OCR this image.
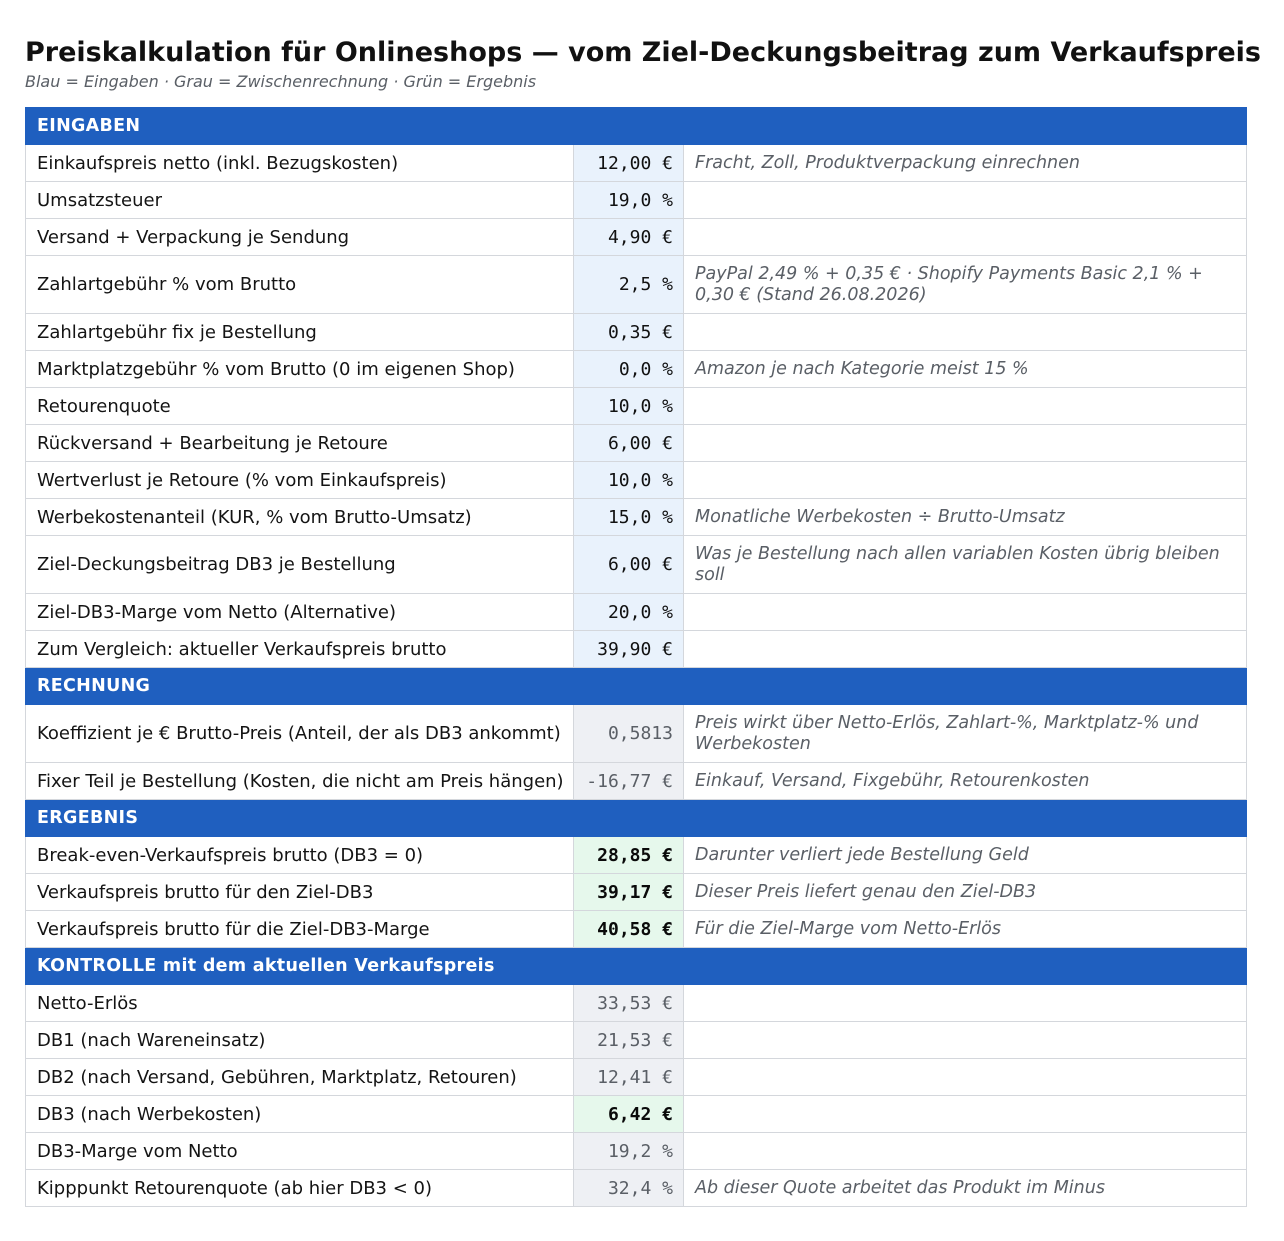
Preiskalkulation für Onlineshops — vom Ziel-Deckungsbeitrag zum Verkaufspreis
Blau = Eingaben · Grau = Zwischenrechnung · Grün = Ergebnis
EINGABEN		
Einkaufspreis netto (inkl. Bezugskosten)	12,00 €	Fracht, Zoll, Produktverpackung einrechnen
Umsatzsteuer	19,0 %	
Versand + Verpackung je Sendung	4,90 €	
Zahlartgebühr % vom Brutto	2,5 %	PayPal 2,49 % + 0,35 € · Shopify Payments Basic 2,1 % + 0,30 € (Stand 26.08.2026)
Zahlartgebühr fix je Bestellung	0,35 €	
Marktplatzgebühr % vom Brutto (0 im eigenen Shop)	0,0 %	Amazon je nach Kategorie meist 15 %
Retourenquote	10,0 %	
Rückversand + Bearbeitung je Retoure	6,00 €	
Wertverlust je Retoure (% vom Einkaufspreis)	10,0 %	
Werbekostenanteil (KUR, % vom Brutto-Umsatz)	15,0 %	Monatliche Werbekosten ÷ Brutto-Umsatz
Ziel-Deckungsbeitrag DB3 je Bestellung	6,00 €	Was je Bestellung nach allen variablen Kosten übrig bleiben soll
Ziel-DB3-Marge vom Netto (Alternative)	20,0 %	
Zum Vergleich: aktueller Verkaufspreis brutto	39,90 €	
RECHNUNG		
Koeffizient je € Brutto-Preis (Anteil, der als DB3 ankommt)	0,5813	Preis wirkt über Netto-Erlös, Zahlart-%, Marktplatz-% und Werbekosten
Fixer Teil je Bestellung (Kosten, die nicht am Preis hängen)	-16,77 €	Einkauf, Versand, Fixgebühr, Retourenkosten
ERGEBNIS		
Break-even-Verkaufspreis brutto (DB3 = 0)	28,85 €	Darunter verliert jede Bestellung Geld
Verkaufspreis brutto für den Ziel-DB3	39,17 €	Dieser Preis liefert genau den Ziel-DB3
Verkaufspreis brutto für die Ziel-DB3-Marge	40,58 €	Für die Ziel-Marge vom Netto-Erlös
KONTROLLE mit dem aktuellen Verkaufspreis		
Netto-Erlös	33,53 €	
DB1 (nach Wareneinsatz)	21,53 €	
DB2 (nach Versand, Gebühren, Marktplatz, Retouren)	12,41 €	
DB3 (nach Werbekosten)	6,42 €	
DB3-Marge vom Netto	19,2 %	
Kipppunkt Retourenquote (ab hier DB3 < 0)	32,4 %	Ab dieser Quote arbeitet das Produkt im Minus
